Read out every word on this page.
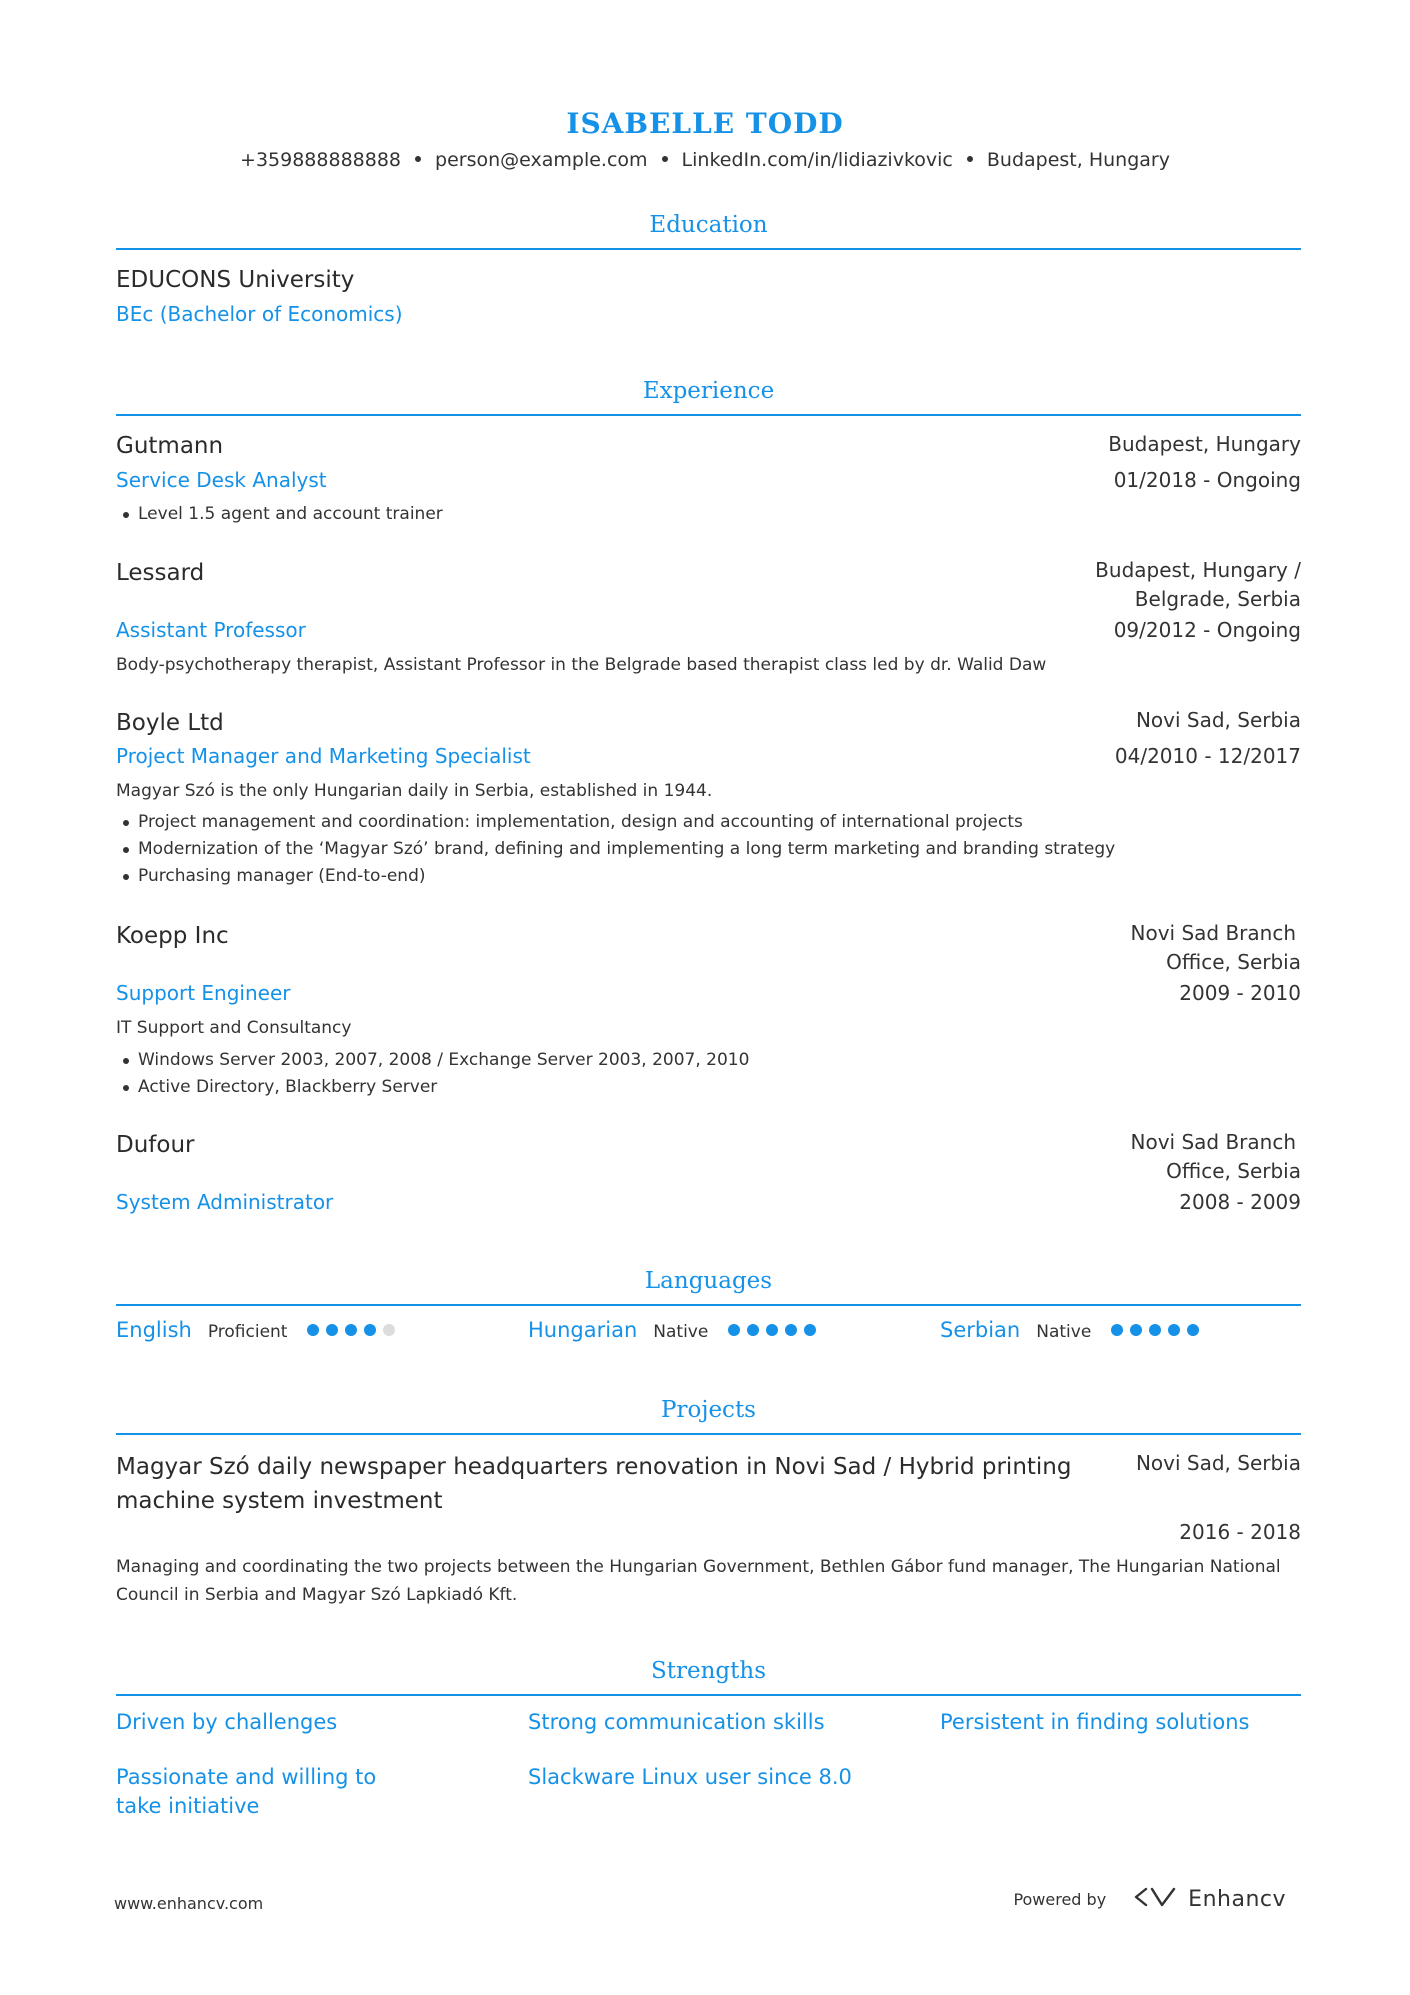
ISABELLE TODD
+359888888888 person@example.com LinkedIn.com/in/lidiazivkovic Budapest, Hungary
Education
EDUCONS University
BEc (Bachelor of Economics)
Experience
Gutmann	Budapest, Hungary
Service Desk Analyst	01/2018 - Ongoing
Level 1.5 agent and account trainer
Lessard	Budapest, Hungary /
Belgrade, Serbia
Assistant Professor	09/2012 - Ongoing
Body-psychotherapy therapist, Assistant Professor in the Belgrade based therapist class led by dr. Walid Daw
Boyle Ltd	Novi Sad, Serbia
Project Manager and Marketing Specialist	04/2010 - 12/2017
Magyar Szó is the only Hungarian daily in Serbia, established in 1944.
Project management and coordination: implementation, design and accounting of international projects
Modernization of the ‘Magyar Szó’ brand, defining and implementing a long term marketing and branding strategy
Purchasing manager (End-to-end)
Koepp Inc	Novi Sad Branch
Office, Serbia
Support Engineer	2009 - 2010
IT Support and Consultancy
Windows Server 2003, 2007, 2008 / Exchange Server 2003, 2007, 2010
Active Directory, Blackberry Server
Dufour	Novi Sad Branch
Office, Serbia
System Administrator	2008 - 2009
Languages
English Proficient	Hungarian Native	Serbian Native
Projects
Magyar Szó daily newspaper headquarters renovation in Novi Sad / Hybrid printing
machine system investment
Novi Sad, Serbia
2016 - 2018
Managing and coordinating the two projects between the Hungarian Government, Bethlen Gábor fund manager, The Hungarian National
Council in Serbia and Magyar Szó Lapkiadó Kft.
Strengths
Driven by challenges	Strong communication skills	Persistent in finding solutions
Passionate and willing to take initiative
Slackware Linux user since 8.0
www.enhancv.com	Powered by	Enhancv
